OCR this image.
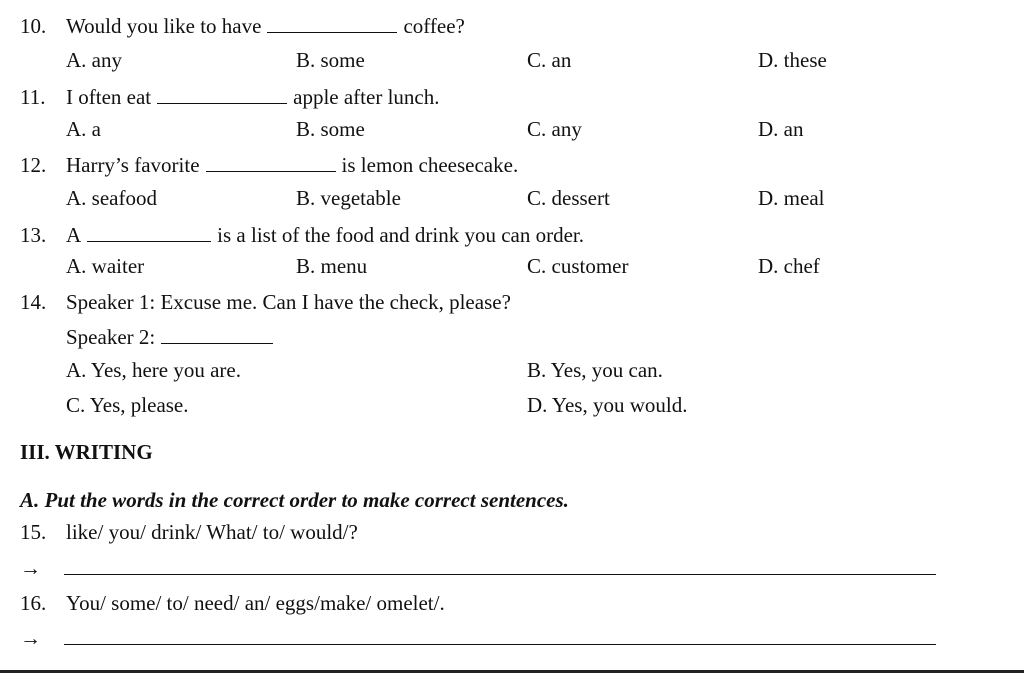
10. Would you like to have	coffee?
A. any	B. some	C. an	D. these
11. I often eat	apple after lunch.
A. a	B. some	C. any	D. an
12. Harry’s favorite	is lemon cheesecake.
A. seafood	B. vegetable	C. dessert	D. meal
13. A	is a list of the food and drink you can order.
A. waiter	B. menu	C. customer	D. chef
14. Speaker 1: Excuse me. Can I have the check, please?
Speaker 2:
A. Yes, here you are.	B. Yes, you can.
C. Yes, please.	D. Yes, you would.
III. WRITING
A. Put the words in the correct order to make correct sentences.
15. like/ you/ drink/ What/ to/ would/?
→
16. You/ some/ to/ need/ an/ eggs/make/ omelet/.
→
